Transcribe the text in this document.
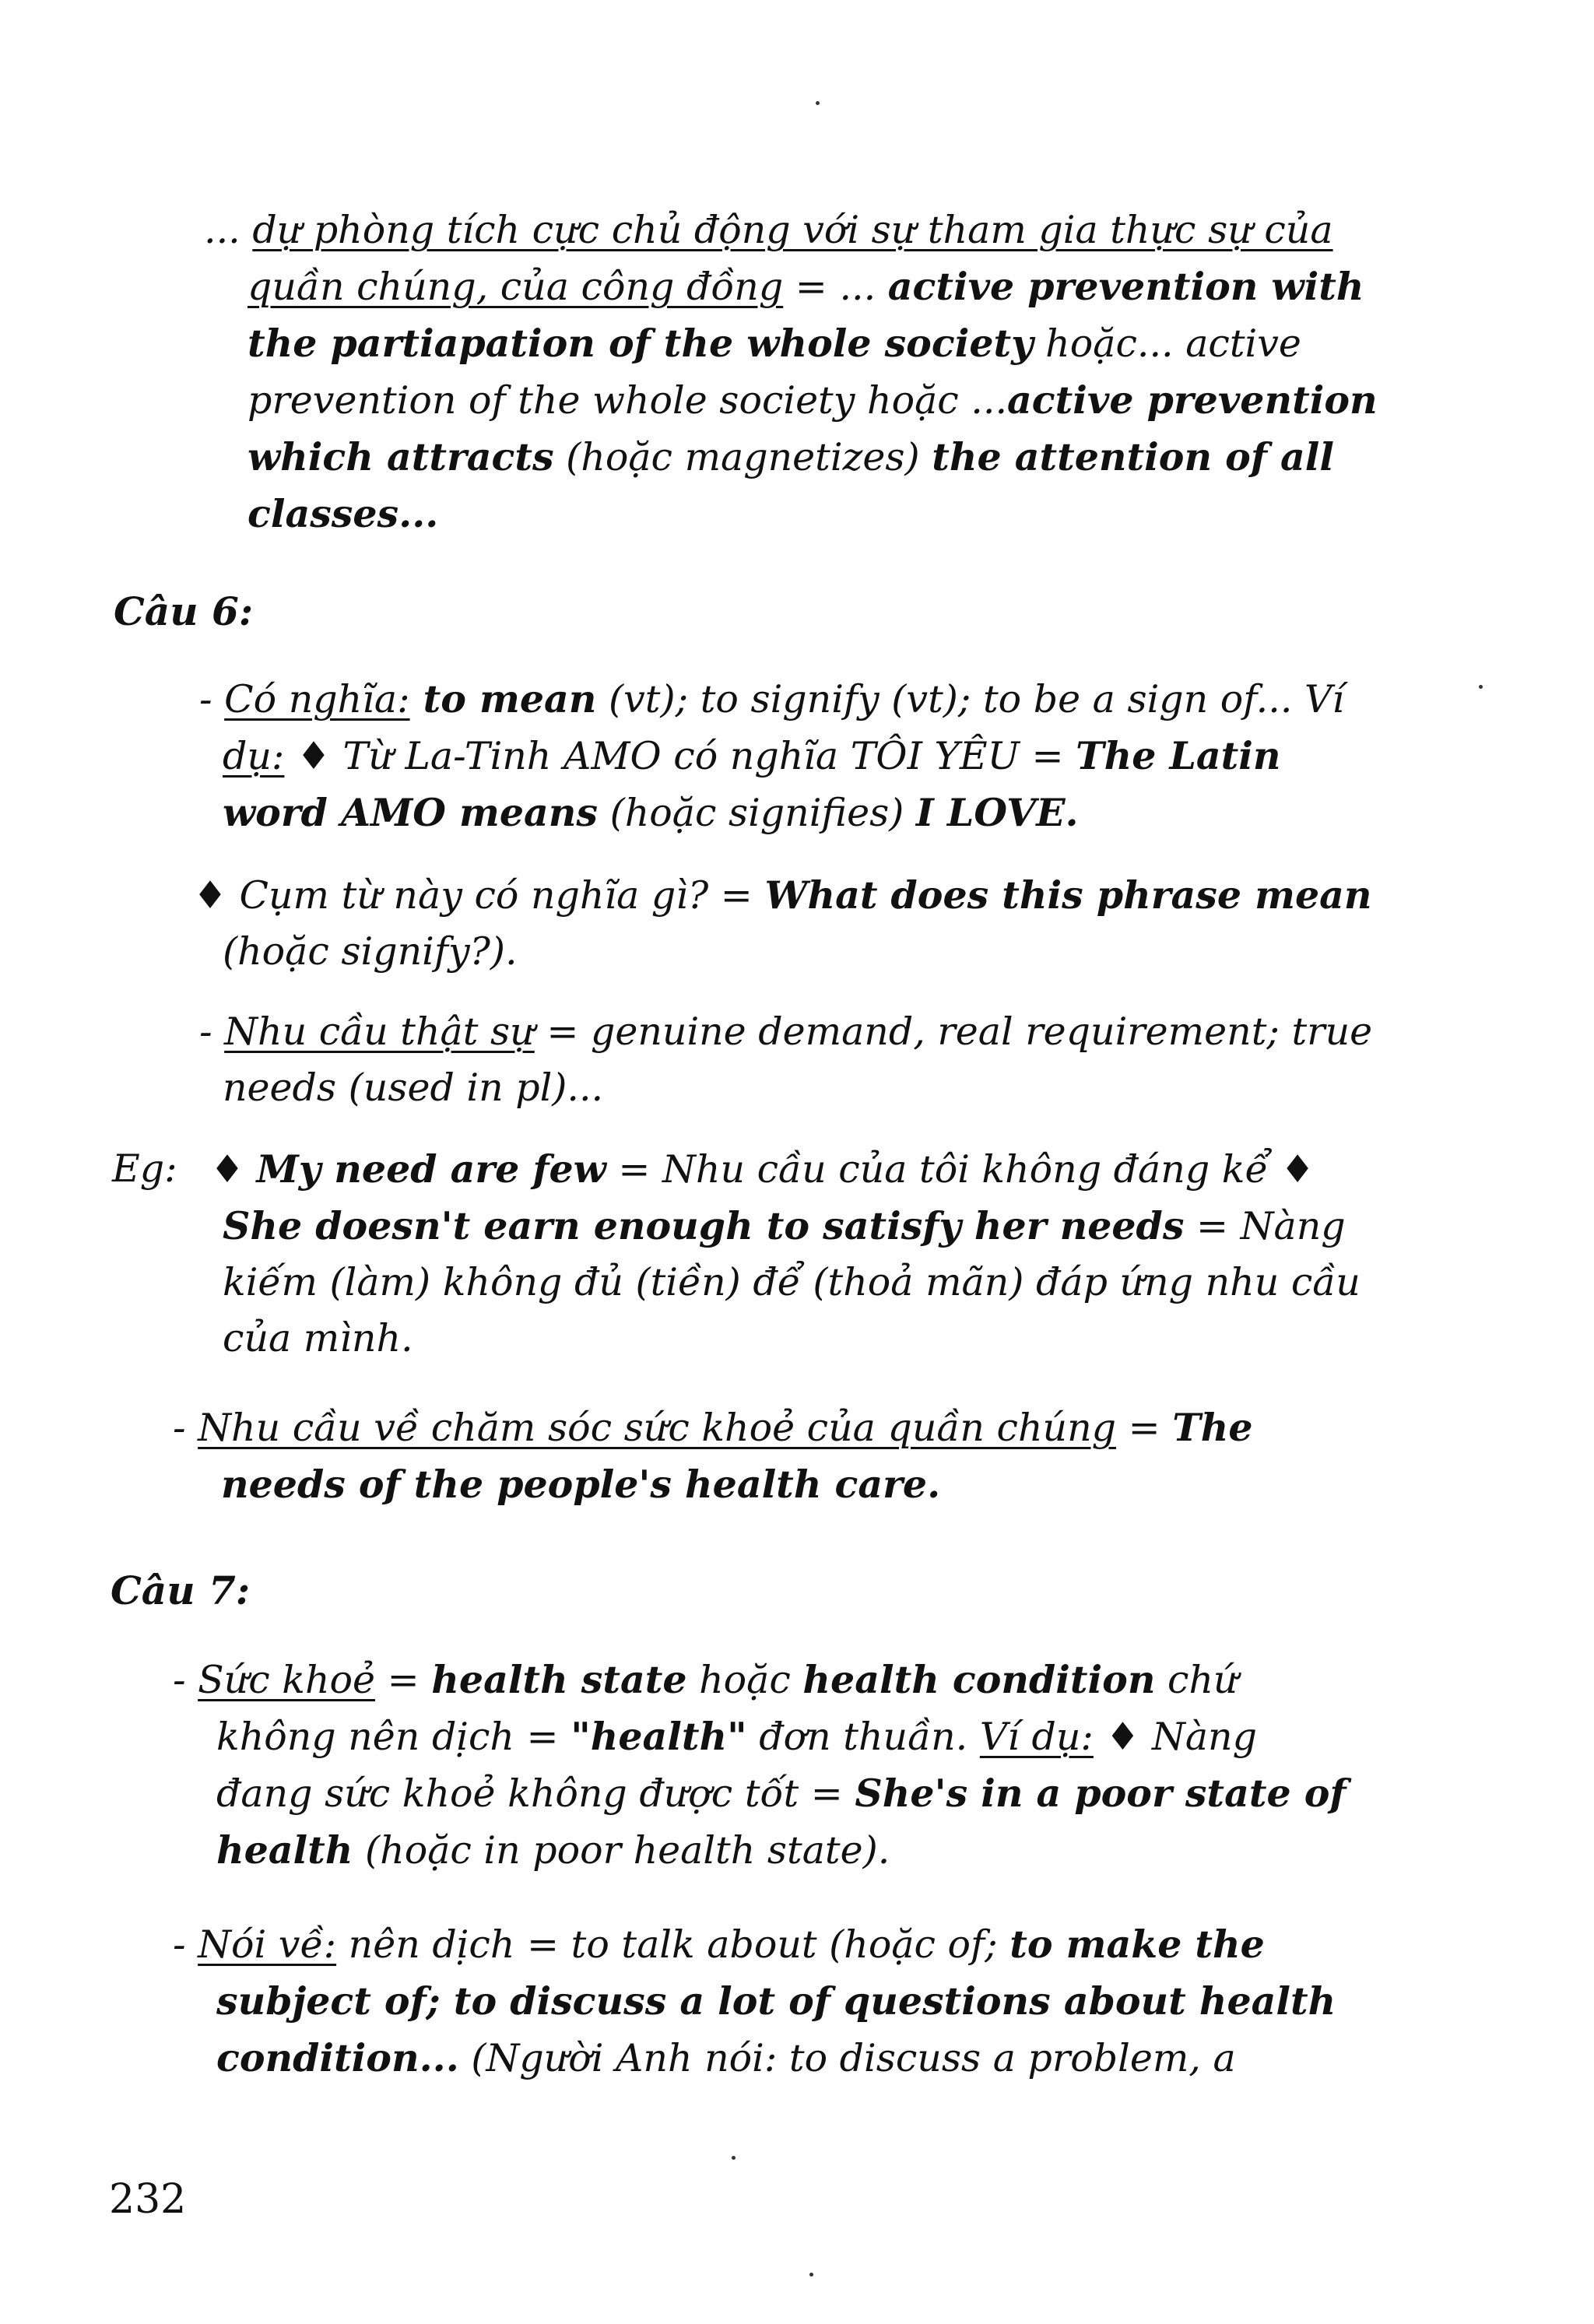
... dự phòng tích cực chủ động với sự tham gia thực sự của
quần chúng, của công đồng = ... active prevention with
the partiapation of the whole society hoặc... active
prevention of the whole society hoặc ...active prevention
which attracts (hoặc magnetizes) the attention of all
classes...

Câu 6:

- Có nghĩa: to mean (vt); to signify (vt); to be a sign of... Ví
dụ: ♦ Từ La-Tinh AMO có nghĩa TÔI YÊU = The Latin
word AMO means (hoặc signifies) I LOVE.
♦ Cụm từ này có nghĩa gì? = What does this phrase mean
(hoặc signify?).
- Nhu cầu thật sự = genuine demand, real requirement; true
needs (used in pl)...

Eg: ♦ My need are few = Nhu cầu của tôi không đáng kể ♦
She doesn't earn enough to satisfy her needs = Nàng
kiếm (làm) không đủ (tiền) để (thoả mãn) đáp ứng nhu cầu
của mình.
- Nhu cầu về chăm sóc sức khoẻ của quần chúng = The
needs of the people's health care.

Câu 7:

- Sức khoẻ = health state hoặc health condition chứ
không nên dịch = "health" đơn thuần. Ví dụ: ♦ Nàng
đang sức khoẻ không được tốt = She's in a poor state of
health (hoặc in poor health state).
- Nói về: nên dịch = to talk about (hoặc of; to make the
subject of; to discuss a lot of questions about health
condition... (Người Anh nói: to discuss a problem, a

232
